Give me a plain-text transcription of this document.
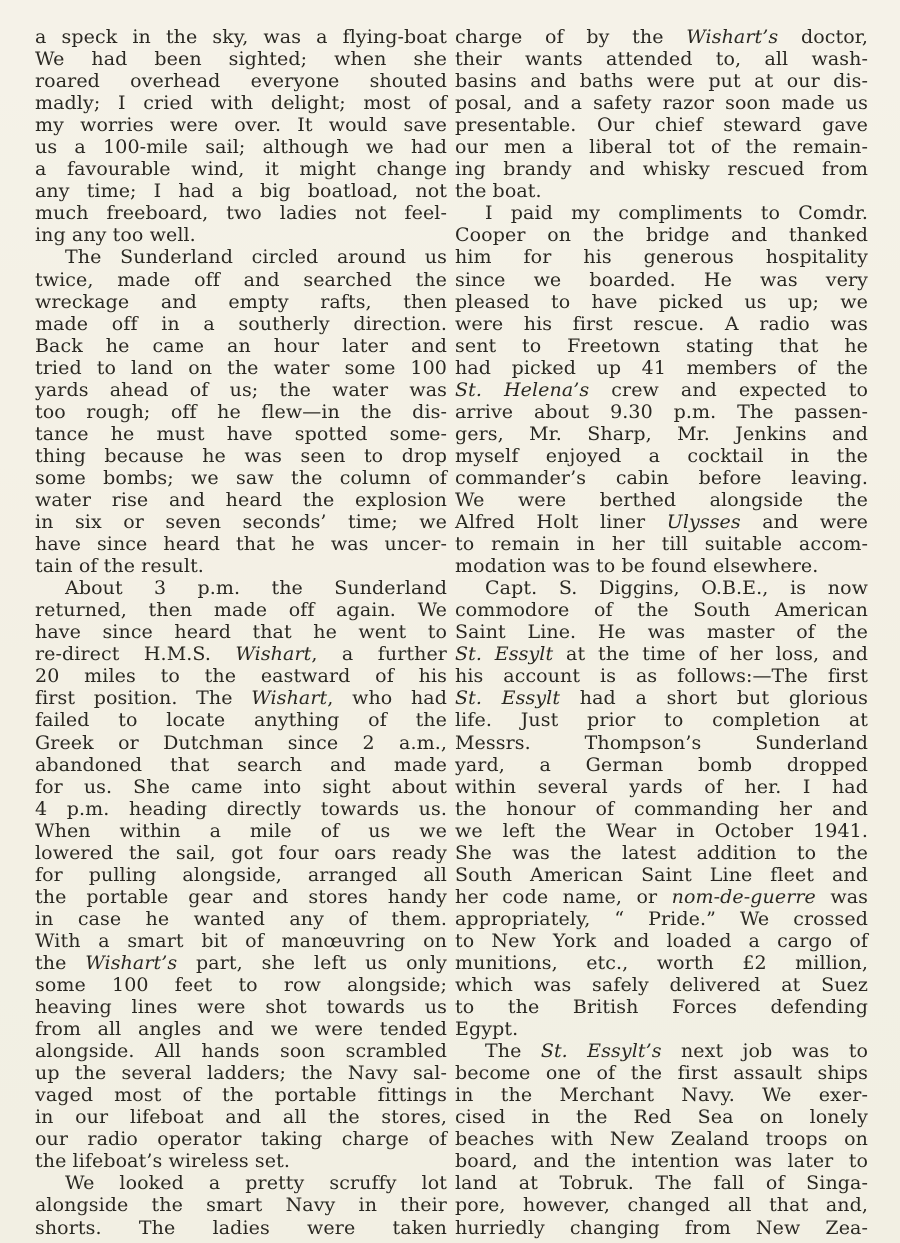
a speck in the sky, was a flying-boat
We had been sighted; when she
roared overhead everyone shouted
madly; I cried with delight; most of
my worries were over. It would save
us a 100-mile sail; although we had
a favourable wind, it might change
any time; I had a big boatload, not
much freeboard, two ladies not feel-
ing any too well.
The Sunderland circled around us
twice, made off and searched the
wreckage and empty rafts, then
made off in a southerly direction.
Back he came an hour later and
tried to land on the water some 100
yards ahead of us; the water was
too rough; off he flew—in the dis-
tance he must have spotted some-
thing because he was seen to drop
some bombs; we saw the column of
water rise and heard the explosion
in six or seven seconds’ time; we
have since heard that he was uncer-
tain of the result.
About 3 p.m. the Sunderland
returned, then made off again. We
have since heard that he went to
re-direct H.M.S. Wishart, a further
20 miles to the eastward of his
first position. The Wishart, who had
failed to locate anything of the
Greek or Dutchman since 2 a.m.,
abandoned that search and made
for us. She came into sight about
4 p.m. heading directly towards us.
When within a mile of us we
lowered the sail, got four oars ready
for pulling alongside, arranged all
the portable gear and stores handy
in case he wanted any of them.
With a smart bit of manœuvring on
the Wishart’s part, she left us only
some 100 feet to row alongside;
heaving lines were shot towards us
from all angles and we were tended
alongside. All hands soon scrambled
up the several ladders; the Navy sal-
vaged most of the portable fittings
in our lifeboat and all the stores,
our radio operator taking charge of
the lifeboat’s wireless set.
We looked a pretty scruffy lot
alongside the smart Navy in their
shorts. The ladies were taken
charge of by the Wishart’s doctor,
their wants attended to, all wash-
basins and baths were put at our dis-
posal, and a safety razor soon made us
presentable. Our chief steward gave
our men a liberal tot of the remain-
ing brandy and whisky rescued from
the boat.
I paid my compliments to Comdr.
Cooper on the bridge and thanked
him for his generous hospitality
since we boarded. He was very
pleased to have picked us up; we
were his first rescue. A radio was
sent to Freetown stating that he
had picked up 41 members of the
St. Helena’s crew and expected to
arrive about 9.30 p.m. The passen-
gers, Mr. Sharp, Mr. Jenkins and
myself enjoyed a cocktail in the
commander’s cabin before leaving.
We were berthed alongside the
Alfred Holt liner Ulysses and were
to remain in her till suitable accom-
modation was to be found elsewhere.
Capt. S. Diggins, O.B.E., is now
commodore of the South American
Saint Line. He was master of the
St. Essylt at the time of her loss, and
his account is as follows:—The first
St. Essylt had a short but glorious
life. Just prior to completion at
Messrs. Thompson’s Sunderland
yard, a German bomb dropped
within several yards of her. I had
the honour of commanding her and
we left the Wear in October 1941.
She was the latest addition to the
South American Saint Line fleet and
her code name, or nom-de-guerre was
appropriately, “ Pride.” We crossed
to New York and loaded a cargo of
munitions, etc., worth £2 million,
which was safely delivered at Suez
to the British Forces defending
Egypt.
The St. Essylt’s next job was to
become one of the first assault ships
in the Merchant Navy. We exer-
cised in the Red Sea on lonely
beaches with New Zealand troops on
board, and the intention was later to
land at Tobruk. The fall of Singa-
pore, however, changed all that and,
hurriedly changing from New Zea-
